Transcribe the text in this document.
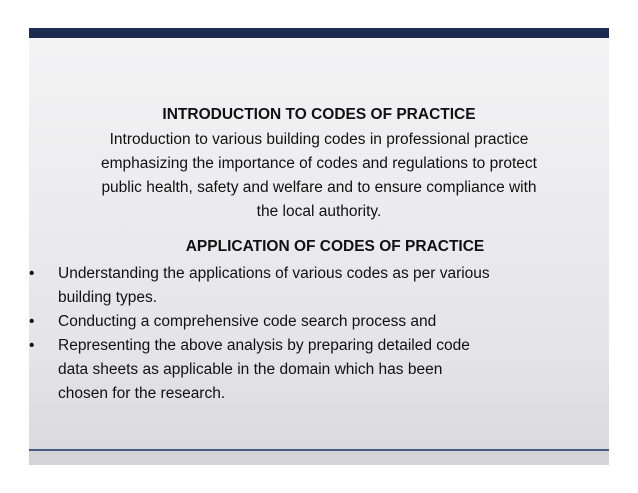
INTRODUCTION TO CODES OF PRACTICE
Introduction to various building codes in professional practice
emphasizing the importance of codes and regulations to protect
public health, safety and welfare and to ensure compliance with
the local authority.
APPLICATION OF CODES OF PRACTICE
• Understanding the applications of various codes as per various
building types.
• Conducting a comprehensive code search process and
• Representing the above analysis by preparing detailed code
data sheets as applicable in the domain which has been
chosen for the research.
